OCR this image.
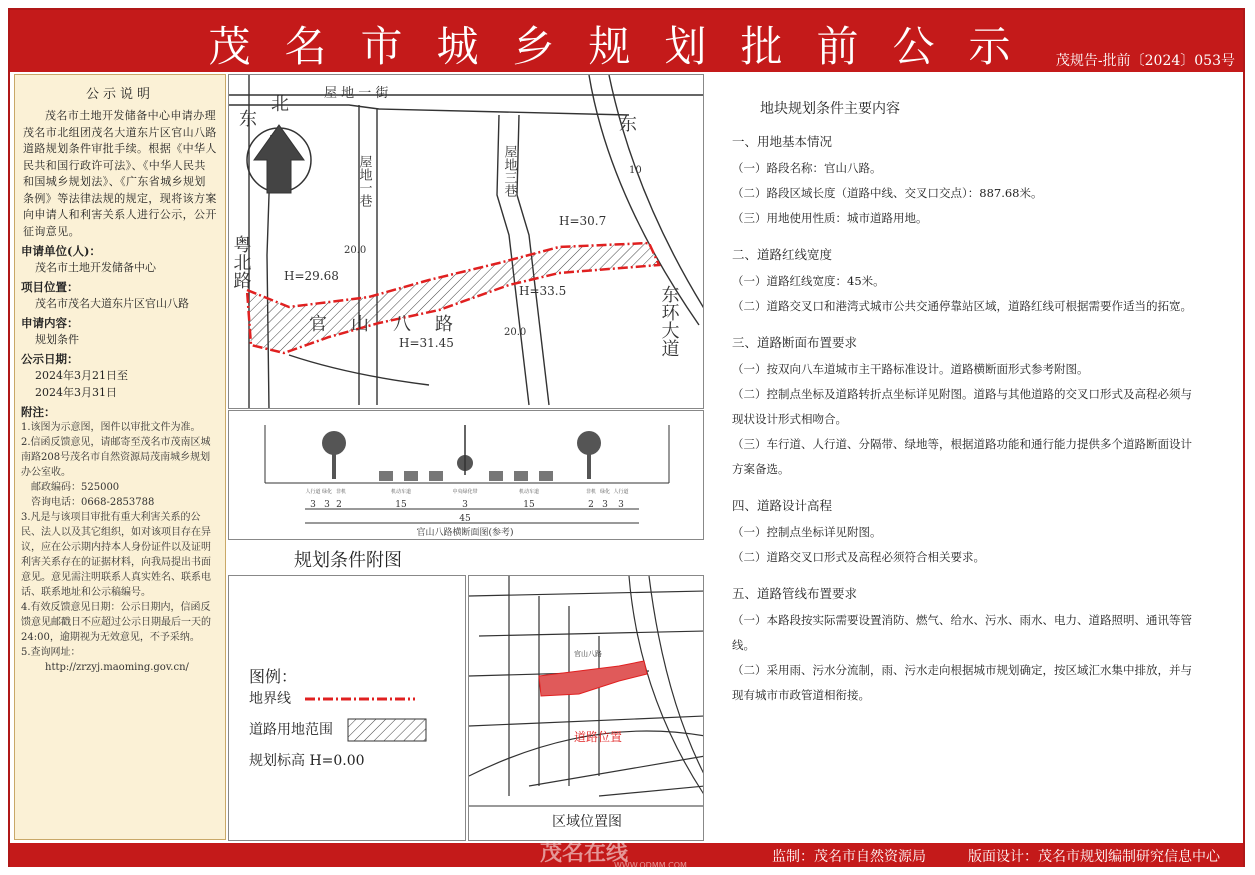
茂名市城乡规划批前公示 茂规告-批前〔2024〕053号
公示说明

茂名市土地开发储备中心申请办理茂名市北组团茂名大道东片区官山八路道路规划条件审批手续。根据《中华人民共和国行政许可法》、《中华人民共和国城乡规划法》、《广东省城乡规划条例》等法律法规的规定，现将该方案向申请人和利害关系人进行公示，公开征询意见。

申请单位(人)：
茂名市土地开发储备中心
项目位置：
茂名市茂名大道东片区官山八路
申请内容：
规划条件
公示日期：
2024年3月21日至
2024年3月31日
附注：
1.该图为示意图，图件以审批文件为准。
2.信函反馈意见，请邮寄至茂名市茂南区城南路208号茂名市自然资源局茂南城乡规划办公室收。
邮政编码：525000
咨询电话：0668-2853788
3.凡是与该项目审批有重大利害关系的公民、法人以及其它组织，如对该项目存在异议，应在公示期内持本人身份证件以及证明利害关系存在的证据材料，向我局提出书面意见。意见需注明联系人真实姓名、联系电话、联系地址和公示稿编号。
4.有效反馈意见日期：公示日期内，信函反馈意见邮戳日不应超过公示日期最后一天的24:00，逾期视为无效意见，不予采纳。
5.查询网址：
http://zrzyj.maoming.gov.cn/
北
屋 地 一 街
东	东
屋地一巷	屋地三巷
粤北路
东环大道
官山八路
H=29.68
H=31.45
H=33.5
H=30.7
20.0
20.0
10
3 3 2	15	3	15	2 3 3
45
官山八路横断面图(参考)
人行道 绿化 非机	机动车道	中央绿化带	机动车道	非机 绿化 人行道
规划条件附图
图例：
地界线
道路用地范围
规划标高 H=0.00
官山八路
道路位置
区域位置图
地块规划条件主要内容
一、用地基本情况
（一）路段名称：官山八路。
（二）路段区域长度（道路中线、交叉口交点）：887.68米。
（三）用地使用性质：城市道路用地。
二、道路红线宽度
（一）道路红线宽度：45米。
（二）道路交叉口和港湾式城市公共交通停靠站区域，道路红线可根据需要作适当的拓宽。
三、道路断面布置要求
（一）按双向八车道城市主干路标准设计。道路横断面形式参考附图。
（二）控制点坐标及道路转折点坐标详见附图。道路与其他道路的交叉口形式及高程必须与
现状设计形式相吻合。
（三）车行道、人行道、分隔带、绿地等，根据道路功能和通行能力提供多个道路断面设计
方案备选。
四、道路设计高程
（一）控制点坐标详见附图。
（二）道路交叉口形式及高程必须符合相关要求。
五、道路管线布置要求
（一）本路段按实际需要设置消防、燃气、给水、污水、雨水、电力、道路照明、通讯等管
线。
（二）采用雨、污水分流制，雨、污水走向根据城市规划确定，按区域汇水集中排放，并与
现有城市市政管道相衔接。
监制：茂名市自然资源局	版面设计：茂名市规划编制研究信息中心
茂名在线
WWW.QDMM.COM
